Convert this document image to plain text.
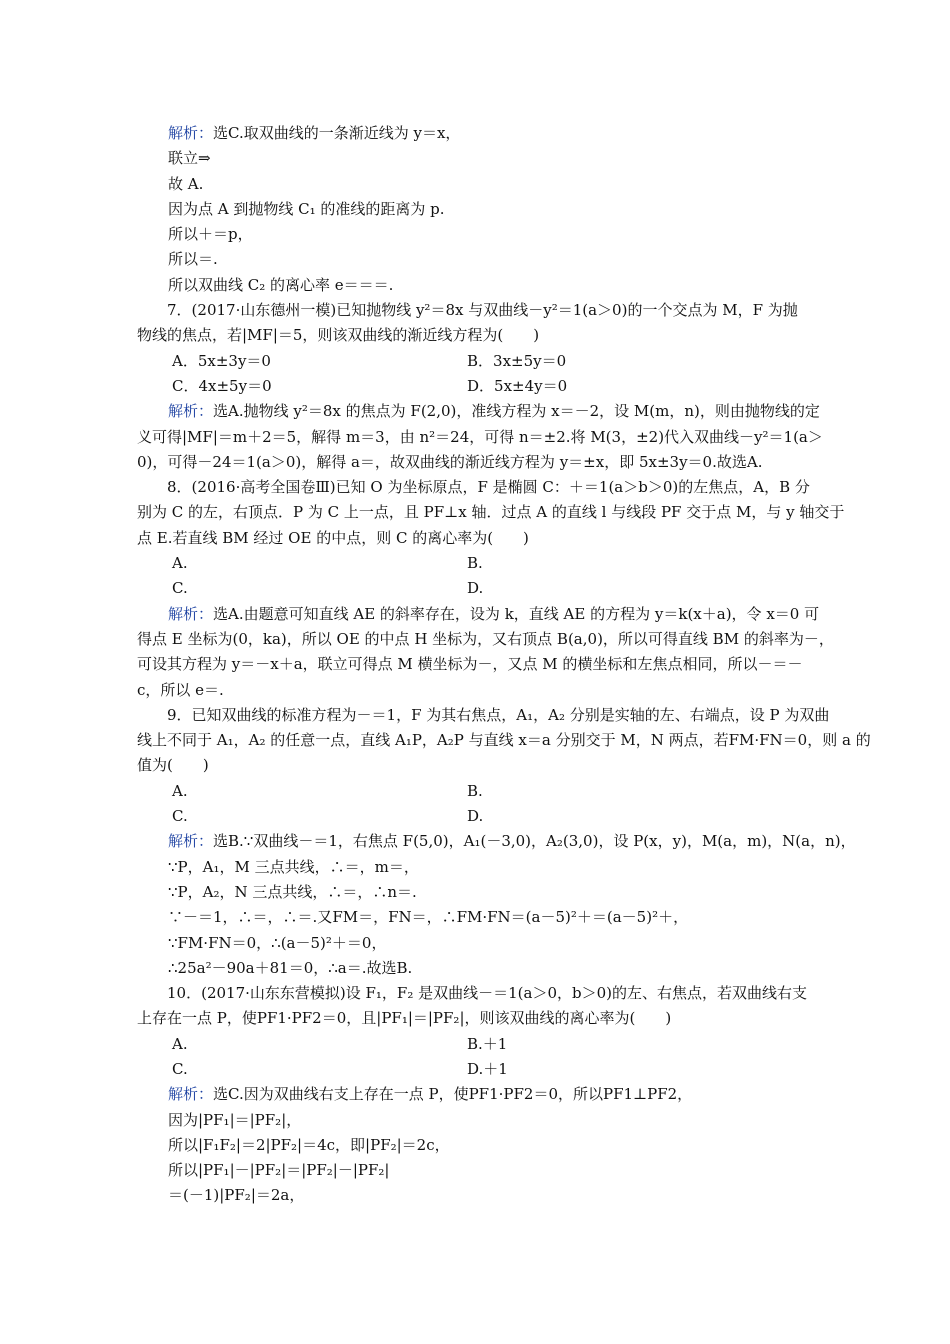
解析：选C.取双曲线的一条渐近线为 y＝x，
联立⇒
故 A.
因为点 A 到抛物线 C₁ 的准线的距离为 p.
所以＋＝p，
所以＝.
所以双曲线 C₂ 的离心率 e＝＝＝.
　7．(2017·山东德州一模)已知抛物线 y²＝8x 与双曲线－y²＝1(a＞0)的一个交点为 M，F 为抛
物线的焦点，若|MF|＝5，则该双曲线的渐近线方程为(　　)
A．5x±3y＝0	B．3x±5y＝0
C．4x±5y＝0	D．5x±4y＝0
解析：选A.抛物线 y²＝8x 的焦点为 F(2,0)，准线方程为 x＝－2，设 M(m，n)，则由抛物线的定
义可得|MF|＝m＋2＝5，解得 m＝3，由 n²＝24，可得 n＝±2.将 M(3，±2)代入双曲线－y²＝1(a＞
0)，可得－24＝1(a＞0)，解得 a＝，故双曲线的渐近线方程为 y＝±x，即 5x±3y＝0.故选A.
　8．(2016·高考全国卷Ⅲ)已知 O 为坐标原点，F 是椭圆 C：＋＝1(a＞b＞0)的左焦点，A，B 分
别为 C 的左，右顶点．P 为 C 上一点，且 PF⊥x 轴．过点 A 的直线 l 与线段 PF 交于点 M，与 y 轴交于
点 E.若直线 BM 经过 OE 的中点，则 C 的离心率为(　　)
A.	B.
C.	D.
解析：选A.由题意可知直线 AE 的斜率存在，设为 k，直线 AE 的方程为 y＝k(x＋a)，令 x＝0 可
得点 E 坐标为(0，ka)，所以 OE 的中点 H 坐标为，又右顶点 B(a,0)，所以可得直线 BM 的斜率为－，
可设其方程为 y＝－x＋a，联立可得点 M 横坐标为－，又点 M 的横坐标和左焦点相同，所以－＝－
c，所以 e＝.
　9．已知双曲线的标准方程为－＝1，F 为其右焦点，A₁，A₂ 分别是实轴的左、右端点，设 P 为双曲
线上不同于 A₁，A₂ 的任意一点，直线 A₁P，A₂P 与直线 x＝a 分别交于 M，N 两点，若FM·FN＝0，则 a 的
值为(　　)
A.	B.
C.	D.
解析：选B.∵双曲线－＝1，右焦点 F(5,0)，A₁(－3,0)，A₂(3,0)，设 P(x，y)，M(a，m)，N(a，n)，
∵P，A₁，M 三点共线，∴＝，m＝，
∵P，A₂，N 三点共线，∴＝，∴n＝.
∵－＝1，∴＝，∴＝.又FM＝，FN＝，∴FM·FN＝(a－5)²＋＝(a－5)²＋，
∵FM·FN＝0，∴(a－5)²＋＝0，
∴25a²－90a＋81＝0，∴a＝.故选B.
　10．(2017·山东东营模拟)设 F₁，F₂ 是双曲线－＝1(a＞0，b＞0)的左、右焦点，若双曲线右支
上存在一点 P，使PF1·PF2＝0，且|PF₁|＝|PF₂|，则该双曲线的离心率为(　　)
A.	B.＋1
C.	D.＋1
解析：选C.因为双曲线右支上存在一点 P，使PF1·PF2＝0，所以PF1⊥PF2，
因为|PF₁|＝|PF₂|，
所以|F₁F₂|＝2|PF₂|＝4c，即|PF₂|＝2c，
所以|PF₁|－|PF₂|＝|PF₂|－|PF₂|
＝(－1)|PF₂|＝2a，
